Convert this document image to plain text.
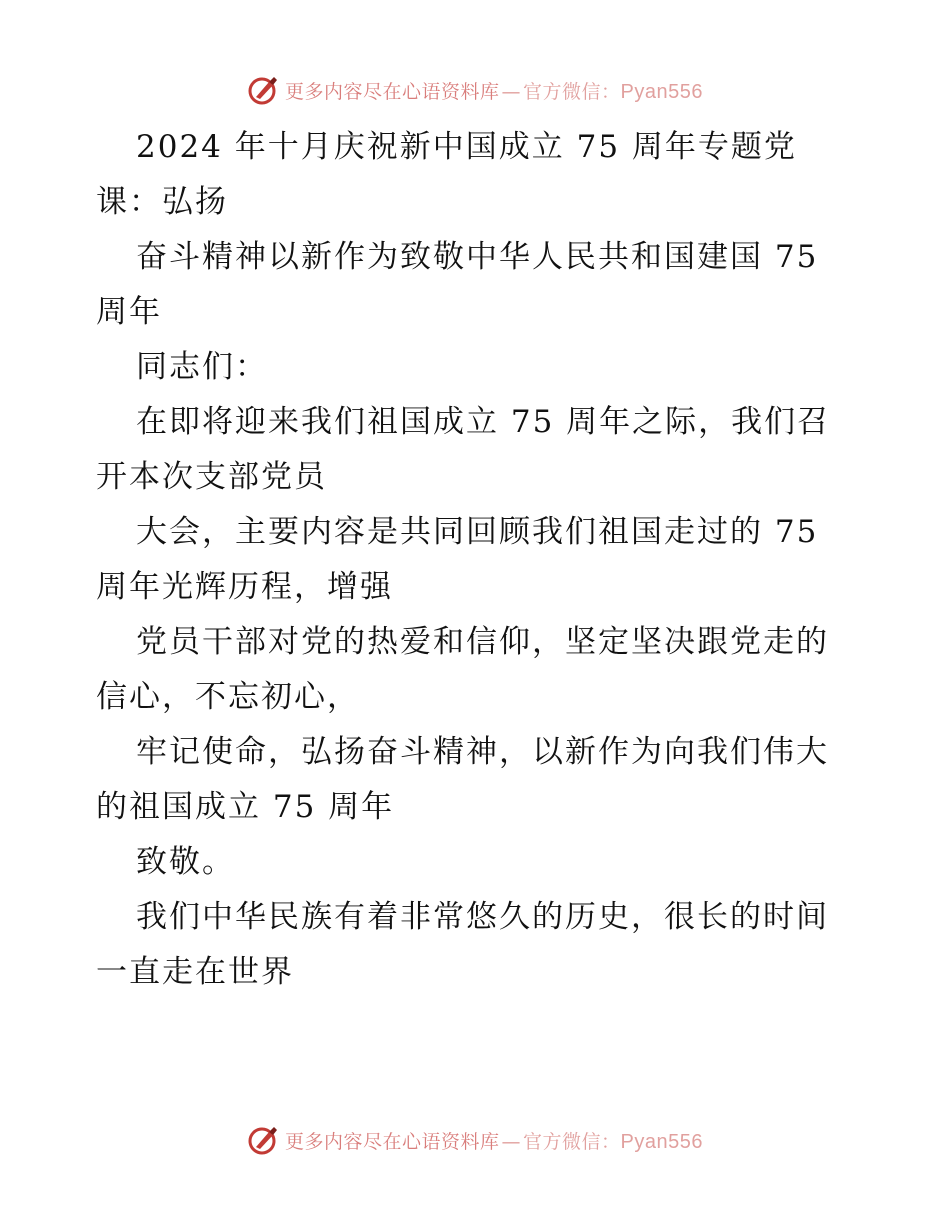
更多内容尽在心语资料库 — 官方微信：Pyan556

2024 年十月庆祝新中国成立 75 周年专题党
课：弘扬

奋斗精神以新作为致敬中华人民共和国建国 75
周年

同志们：

在即将迎来我们祖国成立 75 周年之际，我们召
开本次支部党员

大会，主要内容是共同回顾我们祖国走过的 75
周年光辉历程，增强

党员干部对党的热爱和信仰，坚定坚决跟党走的
信心，不忘初心，

牢记使命，弘扬奋斗精神，以新作为向我们伟大
的祖国成立 75 周年

致敬。

我们中华民族有着非常悠久的历史，很长的时间
一直走在世界

更多内容尽在心语资料库 — 官方微信：Pyan556
